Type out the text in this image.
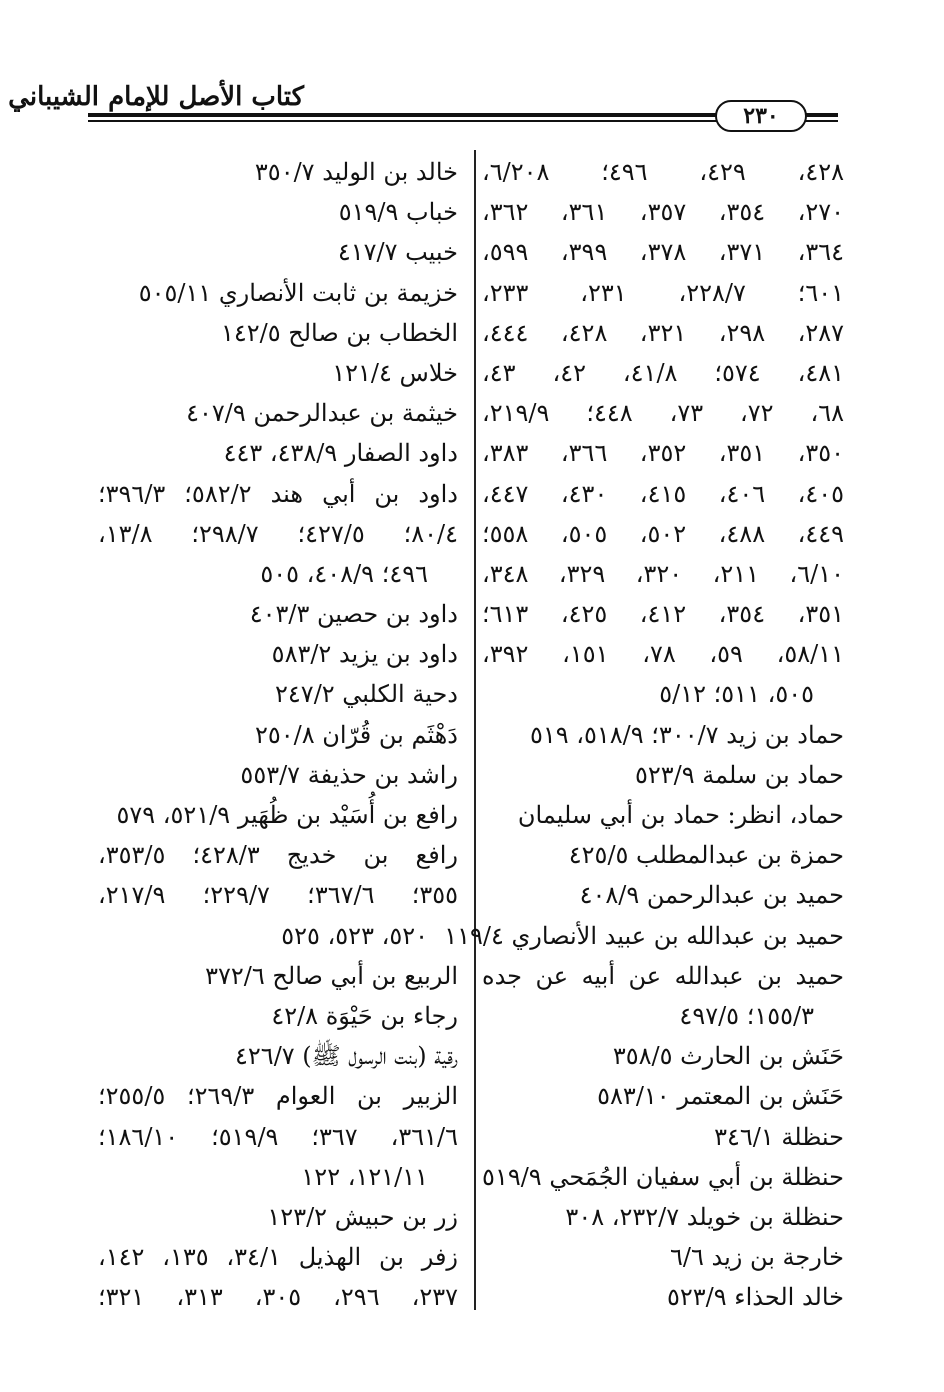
كتاب الأصل للإمام الشيباني
٢٣٠
٤٢٨، ٤٢٩، ٤٩٦؛ ٦/٢٠٨،
٢٧٠، ٣٥٤، ٣٥٧، ٣٦١، ٣٦٢،
٣٦٤، ٣٧١، ٣٧٨، ٣٩٩، ٥٩٩،
٦٠١؛ ٢٢٨/٧، ٢٣١، ٢٣٣،
٢٨٧، ٢٩٨، ٣٢١، ٤٢٨، ٤٤٤،
٤٨١، ٥٧٤؛ ٤١/٨، ٤٢، ٤٣،
٦٨، ٧٢، ٧٣، ٤٤٨؛ ٢١٩/٩،
٣٥٠، ٣٥١، ٣٥٢، ٣٦٦، ٣٨٣،
٤٠٥، ٤٠٦، ٤١٥، ٤٣٠، ٤٤٧،
٤٤٩، ٤٨٨، ٥٠٢، ٥٠٥، ٥٥٨؛
٦/١٠، ٢١١، ٣٢٠، ٣٢٩، ٣٤٨،
٣٥١، ٣٥٤، ٤١٢، ٤٢٥، ٦١٣؛
٥٨/١١، ٥٩، ٧٨، ١٥١، ٣٩٢،
٥٠٥، ٥١١؛ ٥/١٢
حماد بن زيد ٣٠٠/٧؛ ٥١٨/٩، ٥١٩
حماد بن سلمة ٥٢٣/٩
حماد، انظر: حماد بن أبي سليمان
حمزة بن عبدالمطلب ٤٢٥/٥
حميد بن عبدالرحمن ٤٠٨/٩
حميد بن عبدالله بن عبيد الأنصاري ١١٩/٤
حميد بن عبدالله عن أبيه عن جده
١٥٥/٣؛ ٤٩٧/٥
حَنَش بن الحارث ٣٥٨/٥
حَنَش بن المعتمر ٥٨٣/١٠
حنظلة ٣٤٦/١
حنظلة بن أبي سفيان الجُمَحي ٥١٩/٩
حنظلة بن خويلد ٢٣٢/٧، ٣٠٨
خارجة بن زيد ٦/٦
خالد الحذاء ٥٢٣/٩
خالد بن الوليد ٣٥٠/٧
خباب ٥١٩/٩
خبيب ٤١٧/٧
خزيمة بن ثابت الأنصاري ٥٠٥/١١
الخطاب بن صالح ١٤٢/٥
خلاس ١٢١/٤
خيثمة بن عبدالرحمن ٤٠٧/٩
داود الصفار ٤٣٨/٩، ٤٤٣
داود بن أبي هند ٥٨٢/٢؛ ٣٩٦/٣؛
٨٠/٤؛ ٤٢٧/٥؛ ٢٩٨/٧؛ ١٣/٨،
٤٩٦؛ ٤٠٨/٩، ٥٠٥
داود بن حصين ٤٠٣/٣
داود بن يزيد ٥٨٣/٢
دحية الكلبي ٢٤٧/٢
دَهْثَم بن قُرّان ٢٥٠/٨
راشد بن حذيفة ٥٥٣/٧
رافع بن أُسَيْد بن ظُهَير ٥٢١/٩، ٥٧٩
رافع بن خديج ٤٢٨/٣؛ ٣٥٣/٥،
٣٥٥؛ ٣٦٧/٦؛ ٢٢٩/٧؛ ٢١٧/٩،
٥٢٠، ٥٢٣، ٥٢٥
الربيع بن أبي صالح ٣٧٢/٦
رجاء بن حَيْوَة ٤٢/٨
رقية (بنت الرسول ﷺ) ٤٢٦/٧
الزبير بن العوام ٢٦٩/٣؛ ٢٥٥/٥؛
٣٦١/٦، ٣٦٧؛ ٥١٩/٩؛ ١٨٦/١٠؛
١٢١/١١، ١٢٢
زر بن حبيش ١٢٣/٢
زفر بن الهذيل ٣٤/١، ١٣٥، ١٤٢،
٢٣٧، ٢٩٦، ٣٠٥، ٣١٣، ٣٢١؛
